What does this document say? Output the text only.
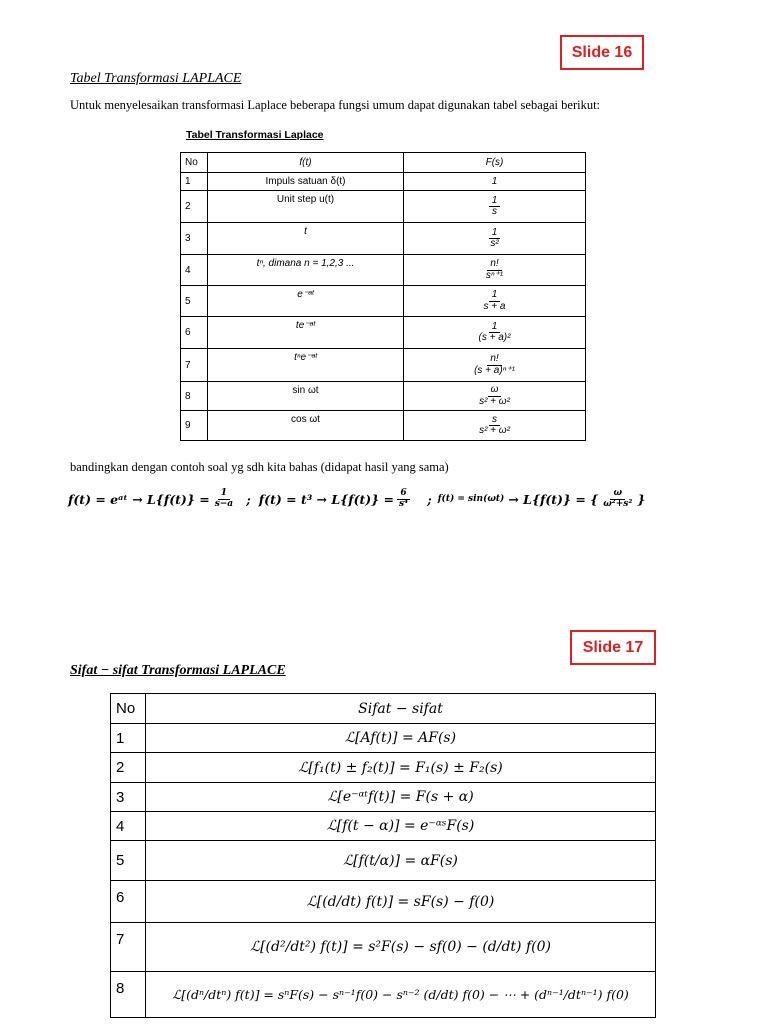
Slide 16
Tabel Transformasi LAPLACE
Untuk menyelesaikan transformasi Laplace beberapa fungsi umum dapat digunakan tabel sebagai berikut:
Tabel Transformasi Laplace
No	f(t)	F(s)
1	Impuls satuan δ(t)	1
2	Unit step u(t)	$\frac{1}{s}$

3	t	$\frac{1}{\text{s²}}$

4	tⁿ, dimana n = 1,2,3 ...	$\frac{n!}{\text{sⁿ⁺¹}}$

5	e⁻ᵃᵗ	$\frac{1}{s + a}$

6	te⁻ᵃᵗ	$\frac{1}{\text{(s + a)²}}$

7	tⁿe⁻ᵃᵗ	$\frac{n!}{\text{(s + a)ⁿ⁺¹}}$

8	sin ωt	$\frac{\omega}{\text{s² + ω²}}$

9	cos ωt	$\frac{s}{\text{s² + ω²}}$
bandingkan dengan contoh soal yg sdh kita bahas (didapat hasil yang sama)
f(t) = eᵃᵗ → $L\{f(t)\} = \frac{1}{s-a}$ ; $f(t) = t^3 \to L\{f(t)\} = \frac{6}{\text{s⁴}}$ ; f(t) = sin(ωt) → L{f(t)} = { $\frac{\omega}{\text{ω²+s²}}$ }
Slide 17
Sifat − sifat Transformasi LAPLACE
No	Sifat − sifat
1	ℒ[Af(t)] = AF(s)
2	ℒ[f₁(t) ± f₂(t)] = F₁(s) ± F₂(s)
3	ℒ[e⁻ᵅᵗf(t)] = F(s + α)
4	ℒ[f(t − α)] = e⁻ᵅˢF(s)
5	ℒ[f(t/α)] = αF(s)
6	ℒ[(d/dt) f(t)] = sF(s) − f(0)
7	ℒ[(d²/dt²) f(t)] = s²F(s) − sf(0) − (d/dt) f(0)
8	ℒ[(dⁿ/dtⁿ) f(t)] = sⁿF(s) − sⁿ⁻¹f(0) − sⁿ⁻² (d/dt) f(0) − ⋯ + (dⁿ⁻¹/dtⁿ⁻¹) f(0)
